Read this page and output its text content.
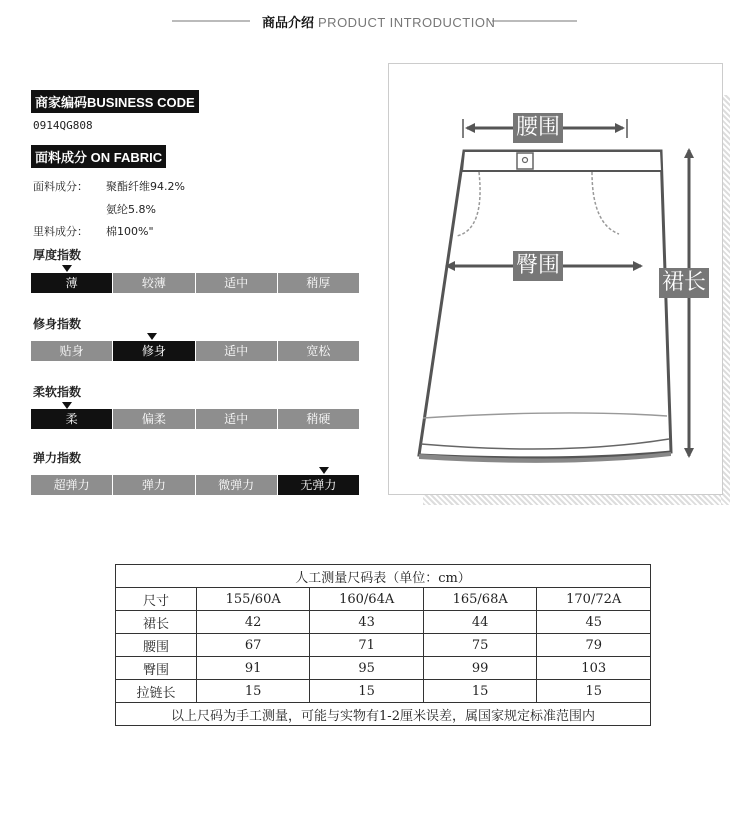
商品介绍 PRODUCT INTRODUCTION
商家编码BUSINESS CODE
0914QG808
面料成分 ON FABRIC
面料成分： 聚酯纤维94.2%
氨纶5.8%
里料成分： 棉100%"
厚度指数
薄	较薄	适中	稍厚
修身指数
贴身	修身	适中	宽松
柔软指数
柔	偏柔	适中	稍硬
弹力指数
超弹力	弹力	微弹力	无弹力
腰围
臀围
裙长
人工测量尺码表（单位：cm）				
尺寸	155/60A	160/64A	165/68A	170/72A
裙长	42	43	44	45
腰围	67	71	75	79
臀围	91	95	99	103
拉链长	15	15	15	15
以上尺码为手工测量，可能与实物有1-2厘米误差，属国家规定标准范围内				
